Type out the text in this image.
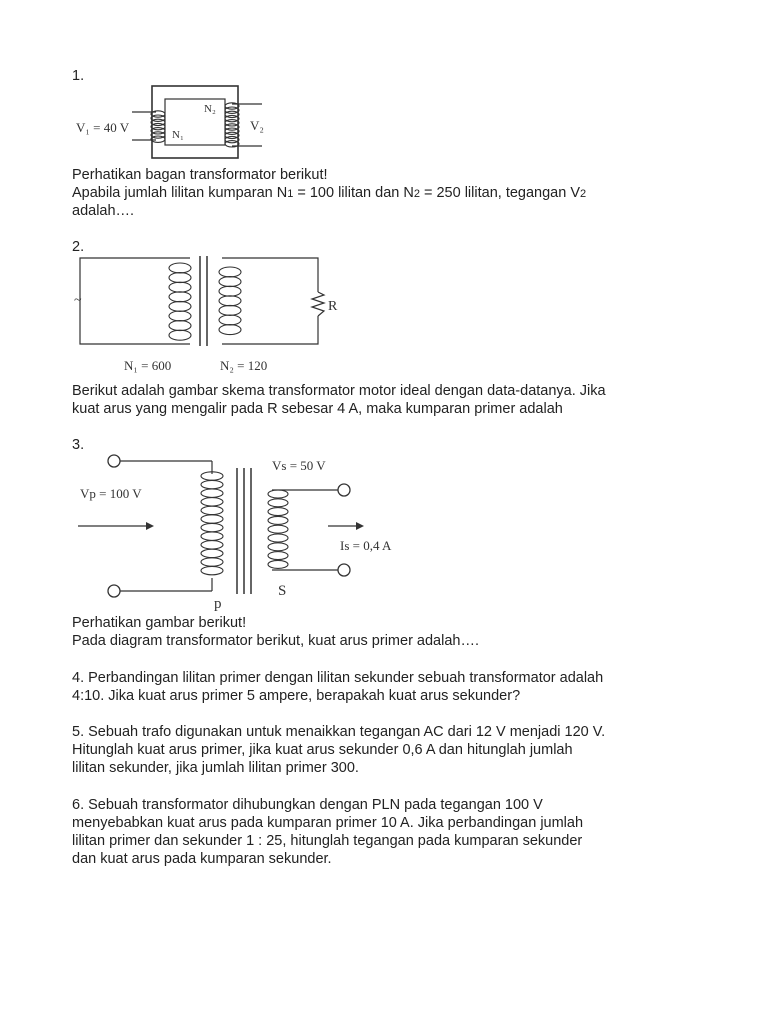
1.
V₁ = 40 V	N₁
N₂
V₂
Perhatikan bagan transformator berikut!
Apabila jumlah lilitan kumparan N1 = 100 lilitan dan N2 = 250 lilitan, tegangan V2
adalah….
2.
~	R
N₁ = 600	N₂ = 120
Berikut adalah gambar skema transformator motor ideal dengan data-datanya. Jika
kuat arus yang mengalir pada R sebesar 4 A, maka kumparan primer adalah
3.
Vs = 50 V
Vp = 100 V
Is = 0,4 A
p
S
Perhatikan gambar berikut!
Pada diagram transformator berikut, kuat arus primer adalah….
4. Perbandingan lilitan primer dengan lilitan sekunder sebuah transformator adalah
4:10. Jika kuat arus primer 5 ampere, berapakah kuat arus sekunder?
5. Sebuah trafo digunakan untuk menaikkan tegangan AC dari 12 V menjadi 120 V.
Hitunglah kuat arus primer, jika kuat arus sekunder 0,6 A dan hitunglah jumlah
lilitan sekunder, jika jumlah lilitan primer 300.
6. Sebuah transformator dihubungkan dengan PLN pada tegangan 100 V
menyebabkan kuat arus pada kumparan primer 10 A. Jika perbandingan jumlah
lilitan primer dan sekunder 1 : 25, hitunglah tegangan pada kumparan sekunder
dan kuat arus pada kumparan sekunder.
